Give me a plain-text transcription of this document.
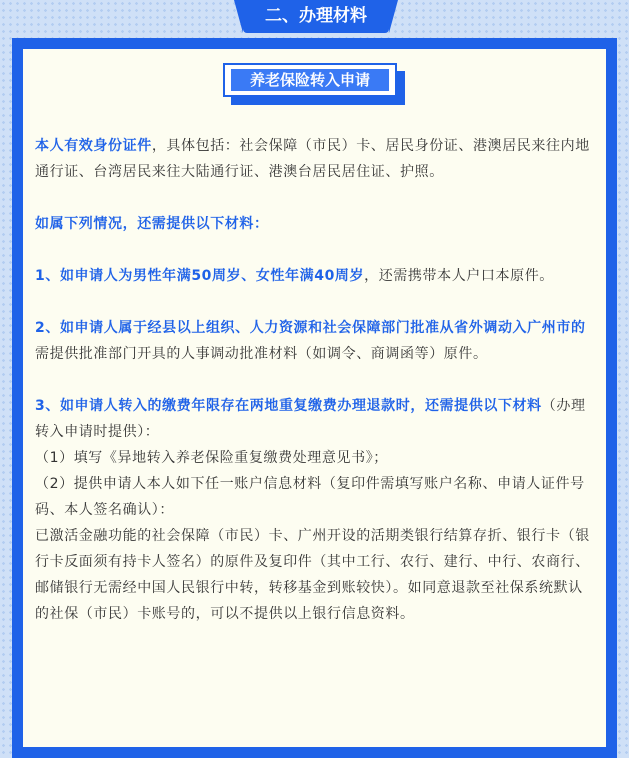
二、办理材料
养老保险转入申请

本人有效身份证件，具体包括：社会保障（市民）卡、居民身份证、港澳居民来往内地通行证、台湾居民来往大陆通行证、港澳台居民居住证、护照。

如属下列情况，还需提供以下材料：

1、如申请人为男性年满50周岁、女性年满40周岁，还需携带本人户口本原件。

2、如申请人属于经县以上组织、人力资源和社会保障部门批准从省外调动入广州市的需提供批准部门开具的人事调动批准材料（如调令、商调函等）原件。

3、如申请人转入的缴费年限存在两地重复缴费办理退款时，还需提供以下材料（办理转入申请时提供）：

（1）填写《异地转入养老保险重复缴费处理意见书》；

（2）提供申请人本人如下任一账户信息材料（复印件需填写账户名称、申请人证件号码、本人签名确认）：

已激活金融功能的社会保障（市民）卡、广州开设的活期类银行结算存折、银行卡（银行卡反面须有持卡人签名）的原件及复印件（其中工行、农行、建行、中行、农商行、邮储银行无需经中国人民银行中转，转移基金到账较快）。如同意退款至社保系统默认的社保（市民）卡账号的，可以不提供以上银行信息资料。
